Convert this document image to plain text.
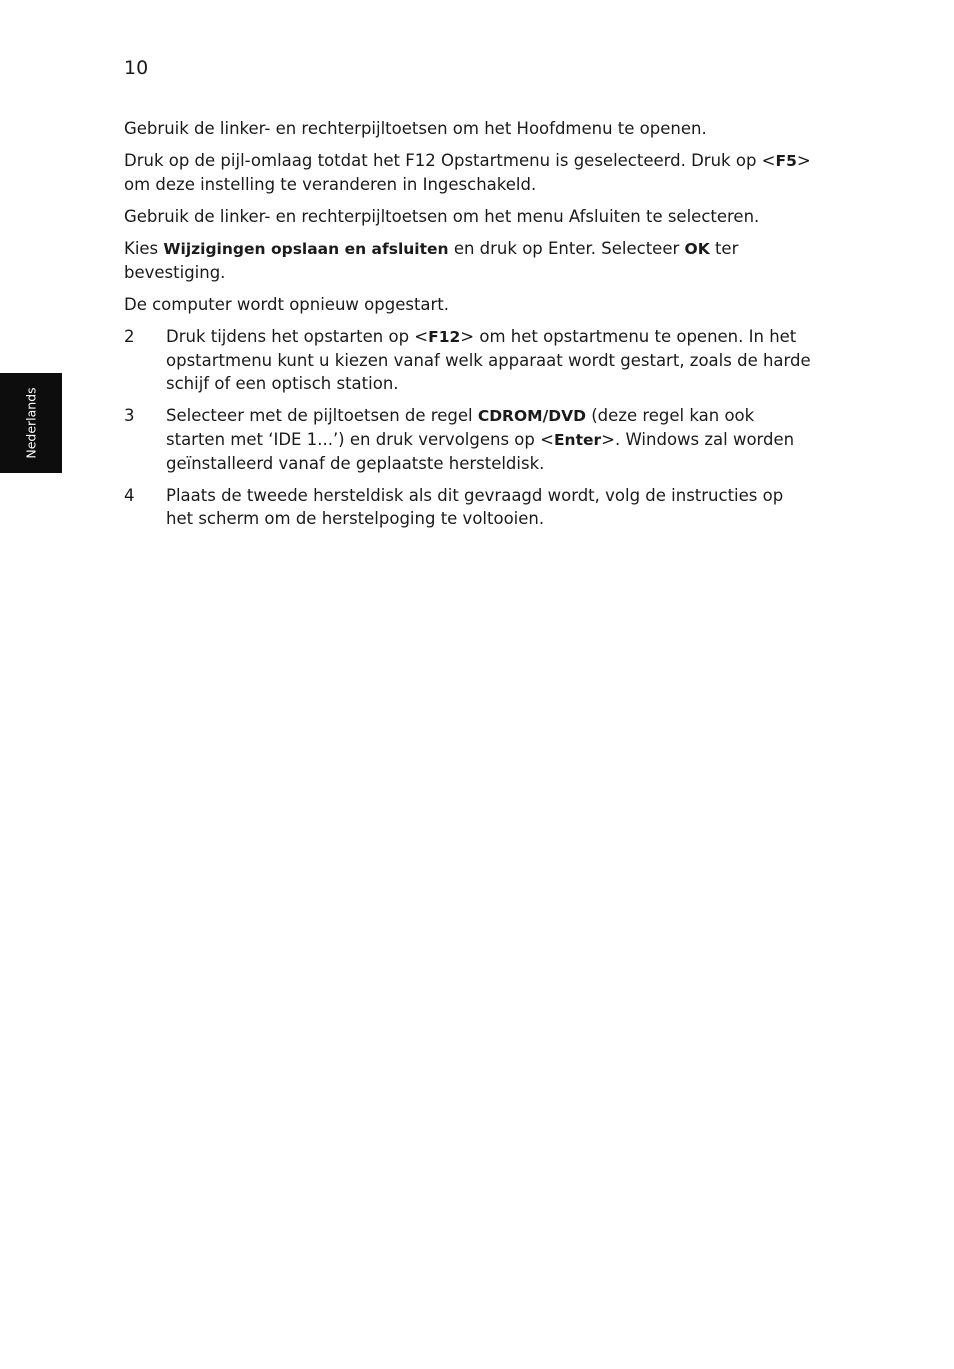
10
Nederlands

Gebruik de linker- en rechterpijltoetsen om het Hoofdmenu te openen.

Druk op de pijl-omlaag totdat het F12 Opstartmenu is geselecteerd. Druk op <F5> om deze instelling te veranderen in Ingeschakeld.

Gebruik de linker- en rechterpijltoetsen om het menu Afsluiten te selecteren.

Kies Wijzigingen opslaan en afsluiten en druk op Enter. Selecteer OK ter bevestiging.

De computer wordt opnieuw opgestart.

2 Druk tijdens het opstarten op <F12> om het opstartmenu te openen. In het opstartmenu kunt u kiezen vanaf welk apparaat wordt gestart, zoals de harde schijf of een optisch station.
3 Selecteer met de pijltoetsen de regel CDROM/DVD (deze regel kan ook starten met ‘IDE 1...’) en druk vervolgens op <Enter>. Windows zal worden geïnstalleerd vanaf de geplaatste hersteldisk.
4 Plaats de tweede hersteldisk als dit gevraagd wordt, volg de instructies op het scherm om de herstelpoging te voltooien.
